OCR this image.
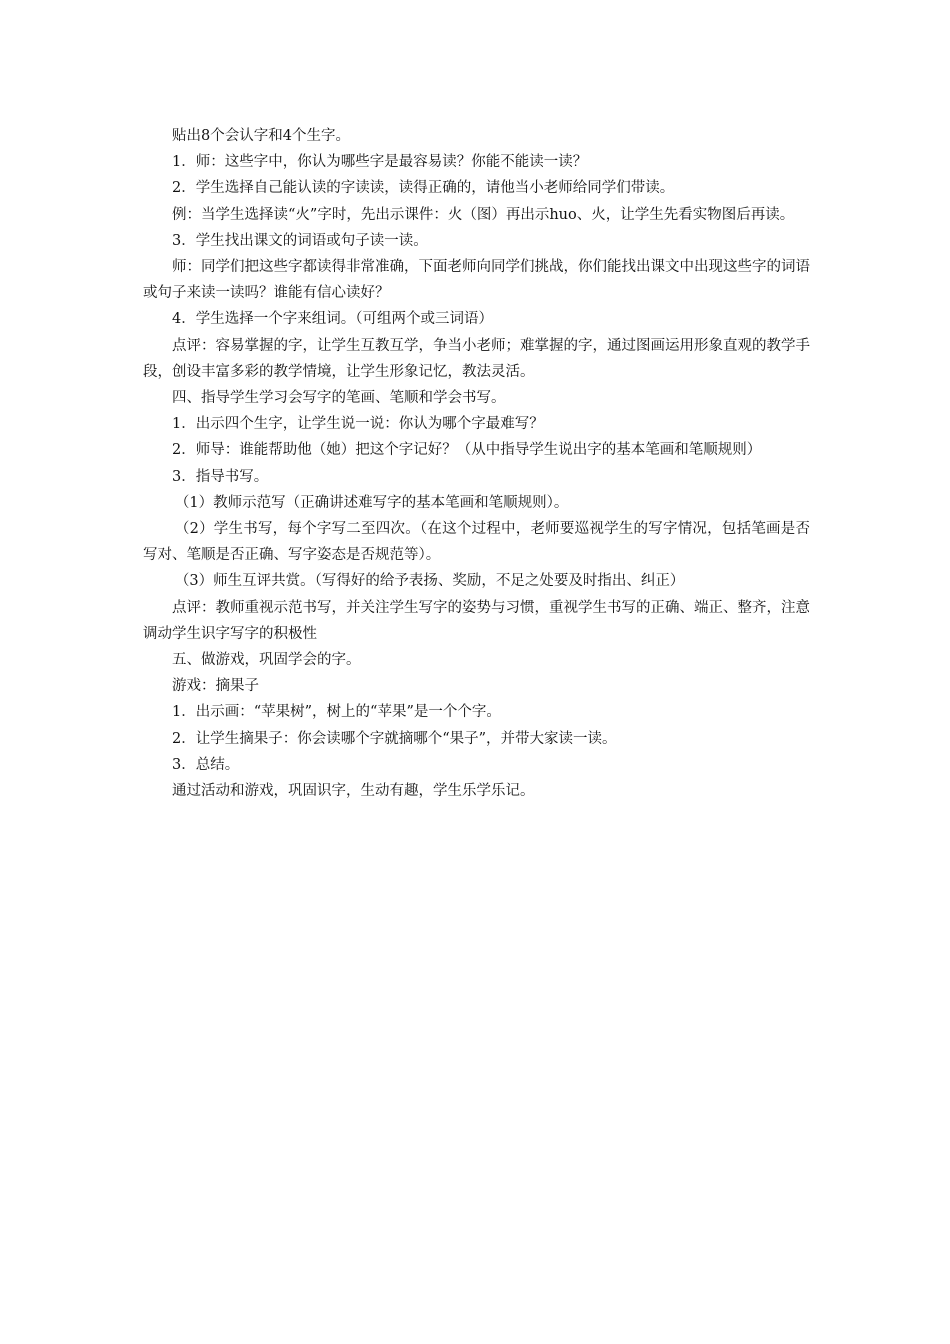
贴出8个会认字和4个生字。

1．师：这些字中，你认为哪些字是最容易读？你能不能读一读？

2．学生选择自己能认读的字读读，读得正确的，请他当小老师给同学们带读。

例：当学生选择读“火”字时，先出示课件：火（图）再出示huo、火，让学生先看实物图后再读。

3．学生找出课文的词语或句子读一读。

师：同学们把这些字都读得非常准确，下面老师向同学们挑战，你们能找出课文中出现这些字的词语或句子来读一读吗？谁能有信心读好？

4．学生选择一个字来组词。（可组两个或三词语）

点评：容易掌握的字，让学生互教互学，争当小老师；难掌握的字，通过图画运用形象直观的教学手段，创设丰富多彩的教学情境，让学生形象记忆，教法灵活。

四、指导学生学习会写字的笔画、笔顺和学会书写。

1．出示四个生字，让学生说一说：你认为哪个字最难写？

2．师导：谁能帮助他（她）把这个字记好？（从中指导学生说出字的基本笔画和笔顺规则）

3．指导书写。

（1）教师示范写（正确讲述难写字的基本笔画和笔顺规则）。

（2）学生书写，每个字写二至四次。（在这个过程中，老师要巡视学生的写字情况，包括笔画是否写对、笔顺是否正确、写字姿态是否规范等）。

（3）师生互评共赏。（写得好的给予表扬、奖励，不足之处要及时指出、纠正）

点评：教师重视示范书写，并关注学生写字的姿势与习惯，重视学生书写的正确、端正、整齐，注意调动学生识字写字的积极性

五、做游戏，巩固学会的字。

游戏：摘果子

1．出示画：“苹果树”，树上的“苹果”是一个个字。

2．让学生摘果子：你会读哪个字就摘哪个“果子”，并带大家读一读。

3．总结。

通过活动和游戏，巩固识字，生动有趣，学生乐学乐记。
